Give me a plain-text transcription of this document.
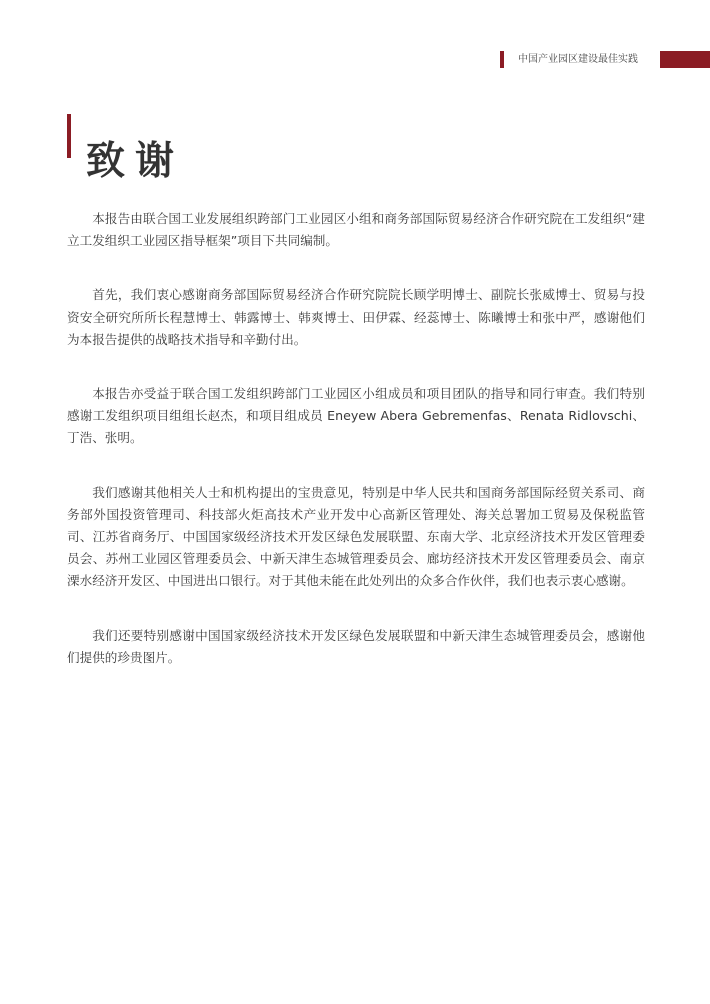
中国产业园区建设最佳实践
致谢

本报告由联合国工业发展组织跨部门工业园区小组和商务部国际贸易经济合作研究院在工发组织“建立工发组织工业园区指导框架”项目下共同编制。

首先，我们衷心感谢商务部国际贸易经济合作研究院院长顾学明博士、副院长张威博士、贸易与投资安全研究所所长程慧博士、韩露博士、韩爽博士、田伊霖、经蕊博士、陈曦博士和张中严，感谢他们为本报告提供的战略技术指导和辛勤付出。

本报告亦受益于联合国工发组织跨部门工业园区小组成员和项目团队的指导和同行审查。我们特别感谢工发组织项目组组长赵杰，和项目组成员 Eneyew Abera Gebremenfas、Renata Ridlovschi、丁浩、张明。

我们感谢其他相关人士和机构提出的宝贵意见，特别是中华人民共和国商务部国际经贸关系司、商务部外国投资管理司、科技部火炬高技术产业开发中心高新区管理处、海关总署加工贸易及保税监管司、江苏省商务厅、中国国家级经济技术开发区绿色发展联盟、东南大学、北京经济技术开发区管理委员会、苏州工业园区管理委员会、中新天津生态城管理委员会、廊坊经济技术开发区管理委员会、南京溧水经济开发区、中国进出口银行。对于其他未能在此处列出的众多合作伙伴，我们也表示衷心感谢。

我们还要特别感谢中国国家级经济技术开发区绿色发展联盟和中新天津生态城管理委员会，感谢他们提供的珍贵图片。
